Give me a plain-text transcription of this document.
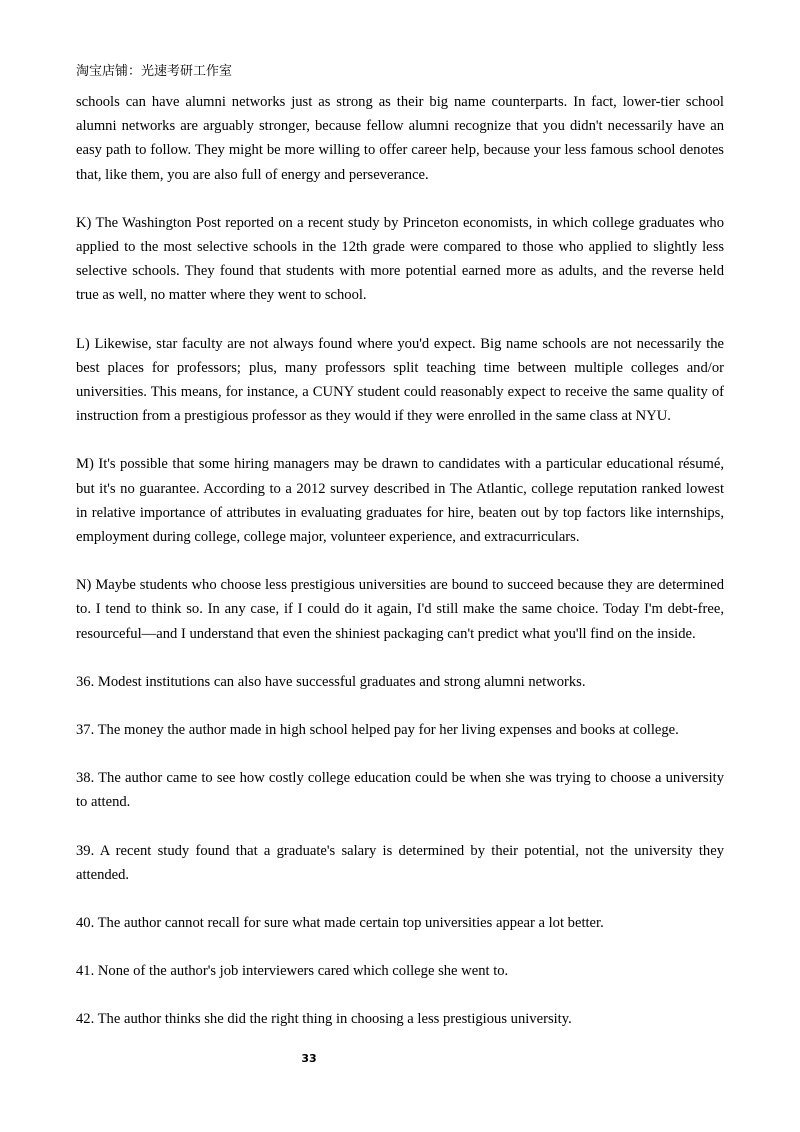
淘宝店铺：光速考研工作室

schools can have alumni networks just as strong as their big name counterparts. In fact, lower-tier school alumni networks are arguably stronger, because fellow alumni recognize that you didn't necessarily have an easy path to follow. They might be more willing to offer career help, because your less famous school denotes that, like them, you are also full of energy and perseverance.

K) The Washington Post reported on a recent study by Princeton economists, in which college graduates who applied to the most selective schools in the 12th grade were compared to those who applied to slightly less selective schools. They found that students with more potential earned more as adults, and the reverse held true as well, no matter where they went to school.

L) Likewise, star faculty are not always found where you'd expect. Big name schools are not necessarily the best places for professors; plus, many professors split teaching time between multiple colleges and/or universities. This means, for instance, a CUNY student could reasonably expect to receive the same quality of instruction from a prestigious professor as they would if they were enrolled in the same class at NYU.

M) It's possible that some hiring managers may be drawn to candidates with a particular educational résumé, but it's no guarantee. According to a 2012 survey described in The Atlantic, college reputation ranked lowest in relative importance of attributes in evaluating graduates for hire, beaten out by top factors like internships, employment during college, college major, volunteer experience, and extracurriculars.

N) Maybe students who choose less prestigious universities are bound to succeed because they are determined to. I tend to think so. In any case, if I could do it again, I'd still make the same choice. Today I'm debt-free, resourceful—and I understand that even the shiniest packaging can't predict what you'll find on the inside.

36. Modest institutions can also have successful graduates and strong alumni networks.

37. The money the author made in high school helped pay for her living expenses and books at college.

38. The author came to see how costly college education could be when she was trying to choose a university to attend.

39. A recent study found that a graduate's salary is determined by their potential, not the university they attended.

40. The author cannot recall for sure what made certain top universities appear a lot better.

41. None of the author's job interviewers cared which college she went to.

42. The author thinks she did the right thing in choosing a less prestigious university.

33
